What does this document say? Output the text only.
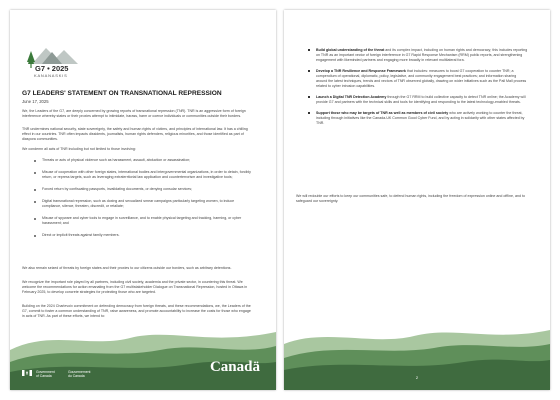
G7 • 2025
KANANASKIS
G7 LEADERS' STATEMENT ON TRANSNATIONAL REPRESSION
June 17, 2025
We, the Leaders of the G7, are deeply concerned by growing reports of transnational repression (TNR). TNR is an aggressive form of foreign interference whereby states or their proxies attempt to intimidate, harass, harm or coerce individuals or communities outside their borders.
TNR undermines national security, state sovereignty, the safety and human rights of victims, and principles of international law. It has a chilling effect in our countries. TNR often impacts dissidents, journalists, human rights defenders, religious minorities, and those identified as part of diaspora communities.
We condemn all acts of TNR including but not limited to those involving:
Threats or acts of physical violence such as harassment, assault, abduction or assassination;
Misuse of cooperation with other foreign states, international bodies and intergovernmental organizations, in order to detain, forcibly return, or repress targets, such as leveraging extraterritorial law application and counterterrorism and investigative tools;
Forced return by confiscating passports, invalidating documents, or denying consular services;
Digital transnational repression, such as doxing and sexualized smear campaigns particularly targeting women, to induce compliance, silence, threaten, discredit, or retaliate;
Misuse of spyware and cyber tools to engage in surveillance, and to enable physical targeting and tracking, harming, or cyber harassment; and
Direct or implicit threats against family members.
We also remain seized of threats by foreign states and their proxies to our citizens outside our borders, such as arbitrary detentions.
We recognize the important role played by all partners, including civil society, academia and the private sector, in countering this threat. We welcome the recommendations for action emanating from the G7 multistakeholder Dialogue on Transnational Repression, hosted in Ottawa in February 2025, to develop concrete strategies for protecting those who are targeted.
Building on the 2024 Charlevoix commitment on defending democracy from foreign threats, and these recommendations, we, the Leaders of the G7, commit to foster a common understanding of TNR, raise awareness, and promote accountability to increase the costs for those who engage in acts of TNR. As part of these efforts, we intend to:
Government
of Canada
Gouvernement
du Canada
Canadä
Build global understanding of the threat and its complex impact, including on human rights and democracy; this includes reporting on TNR as an important vector of foreign interference in G7 Rapid Response Mechanism (RRM) public reports, and strengthening engagement with likeminded partners and engaging more broadly in relevant multilateral fora.
Develop a TNR Resilience and Response Framework that includes: measures to boost G7 cooperation to counter TNR; a compendium of operational, diplomatic, policy, legislative, and community engagement best practices; and information sharing around the latest techniques, trends and vectors of TNR observed globally, drawing on wider initiatives such as the Pall Mall process related to cyber intrusion capabilities.
Launch a Digital TNR Detection Academy through the G7 RRM to build collective capacity to detect TNR online; the Academy will provide G7 and partners with the technical skills and tools for identifying and responding to the latest technology-enabled threats.
Support those who may be targets of TNR as well as members of civil society who are actively working to counter the threat, including through initiatives like the Canada-UK Common Good Cyber Fund, and by acting in solidarity with other states affected by TNR.
We will redouble our efforts to keep our communities safe, to defend human rights, including the freedom of expression online and offline, and to safeguard our sovereignty.
2
